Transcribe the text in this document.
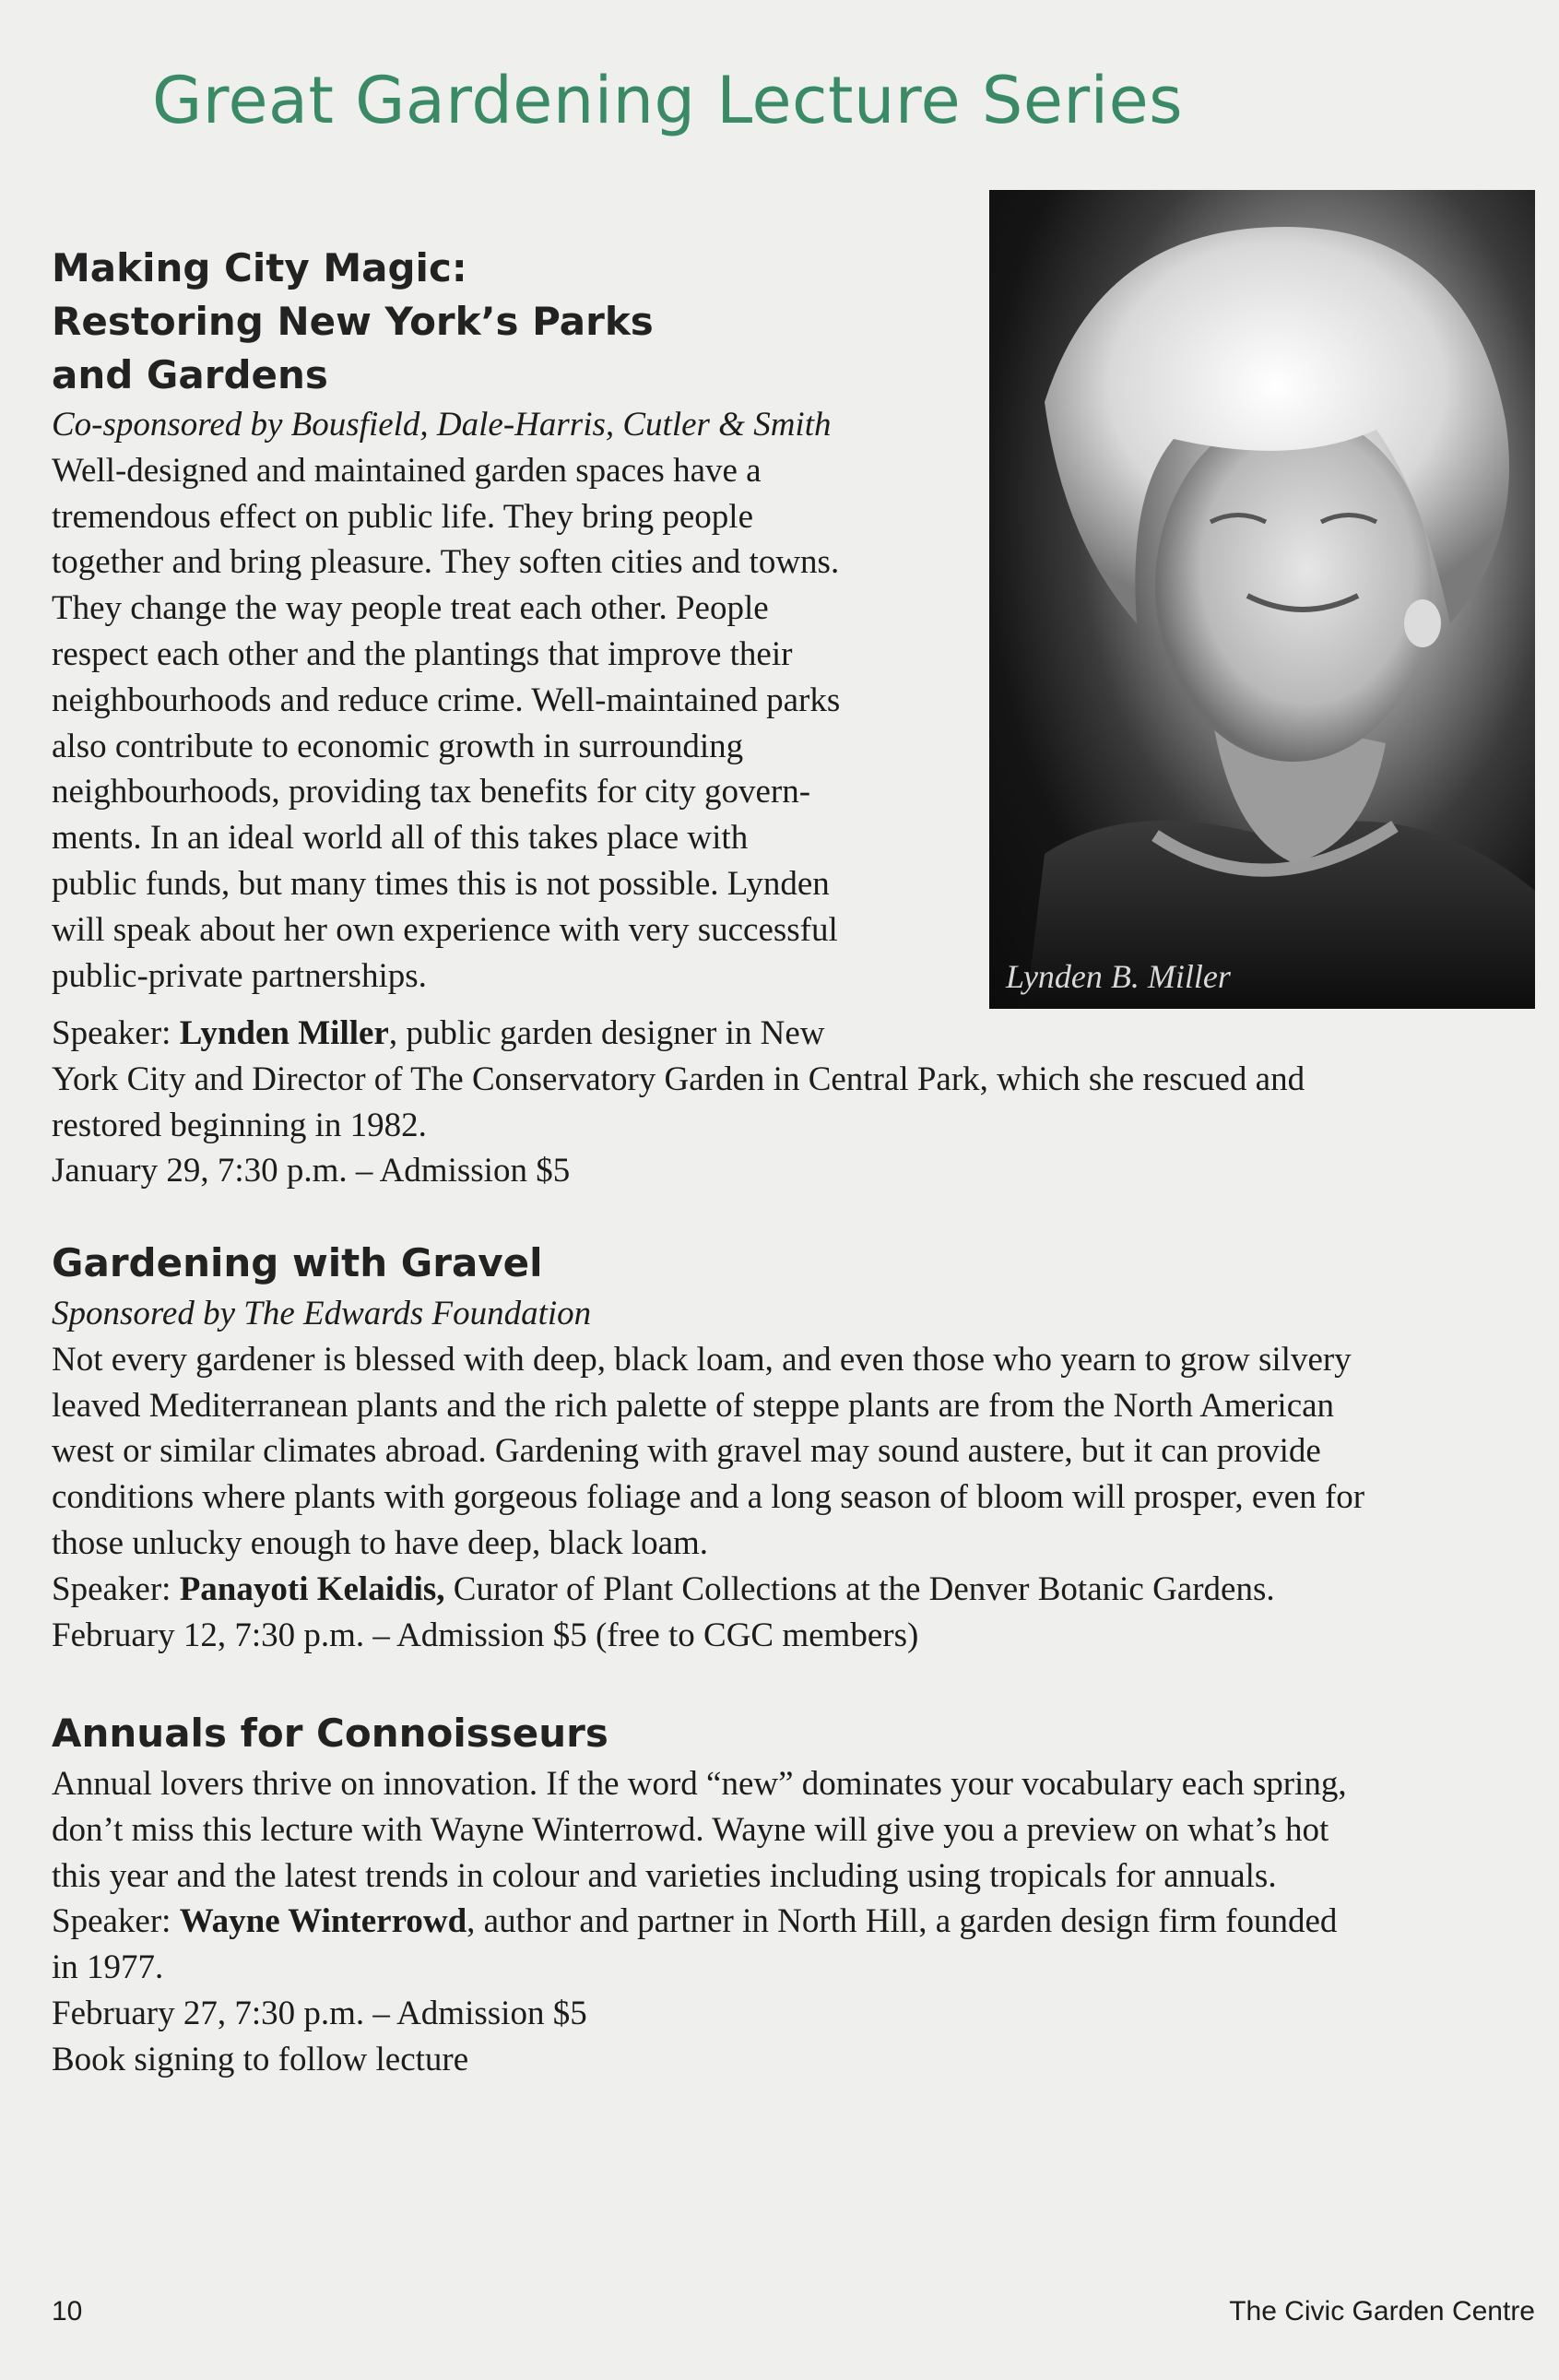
Great Gardening Lecture Series
Making City Magic:
Restoring New York’s Parks
and Gardens
Co-sponsored by Bousfield, Dale-Harris, Cutler & Smith
Well-designed and maintained garden spaces have a
tremendous effect on public life. They bring people
together and bring pleasure. They soften cities and towns.
They change the way people treat each other. People
respect each other and the plantings that improve their
neighbourhoods and reduce crime. Well-maintained parks
also contribute to economic growth in surrounding
neighbourhoods, providing tax benefits for city govern-
ments. In an ideal world all of this takes place with
public funds, but many times this is not possible. Lynden
will speak about her own experience with very successful
public-private partnerships.
Speaker: Lynden Miller, public garden designer in New
York City and Director of The Conservatory Garden in Central Park, which she rescued and
restored beginning in 1982.
January 29, 7:30 p.m. – Admission $5
Lynden B. Miller
Gardening with Gravel
Sponsored by The Edwards Foundation
Not every gardener is blessed with deep, black loam, and even those who yearn to grow silvery
leaved Mediterranean plants and the rich palette of steppe plants are from the North American
west or similar climates abroad. Gardening with gravel may sound austere, but it can provide
conditions where plants with gorgeous foliage and a long season of bloom will prosper, even for
those unlucky enough to have deep, black loam.
Speaker: Panayoti Kelaidis, Curator of Plant Collections at the Denver Botanic Gardens.
February 12, 7:30 p.m. – Admission $5 (free to CGC members)
Annuals for Connoisseurs
Annual lovers thrive on innovation. If the word “new” dominates your vocabulary each spring,
don’t miss this lecture with Wayne Winterrowd. Wayne will give you a preview on what’s hot
this year and the latest trends in colour and varieties including using tropicals for annuals.
Speaker: Wayne Winterrowd, author and partner in North Hill, a garden design firm founded
in 1977.
February 27, 7:30 p.m. – Admission $5
Book signing to follow lecture
10	The Civic Garden Centre
